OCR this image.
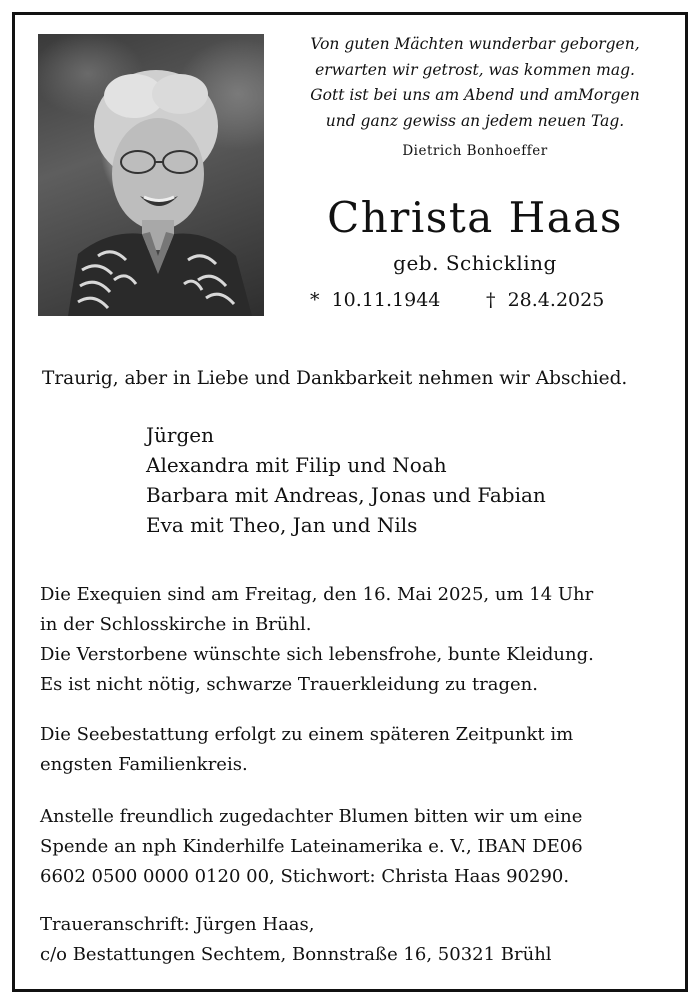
Von guten Mächten wunderbar geborgen,
erwarten wir getrost, was kommen mag.
Gott ist bei uns am Abend und amMorgen
und ganz gewiss an jedem neuen Tag.
Dietrich Bonhoeffer
Christa Haas
geb. Schickling
* 10.11.1944 † 28.4.2025
Traurig, aber in Liebe und Dankbarkeit nehmen wir Abschied.
Jürgen
Alexandra mit Filip und Noah
Barbara mit Andreas, Jonas und Fabian
Eva mit Theo, Jan und Nils
Die Exequien sind am Freitag, den 16. Mai 2025, um 14 Uhr
in der Schlosskirche in Brühl.
Die Verstorbene wünschte sich lebensfrohe, bunte Kleidung.
Es ist nicht nötig, schwarze Trauerkleidung zu tragen.
Die Seebestattung erfolgt zu einem späteren Zeitpunkt im
engsten Familienkreis.
Anstelle freundlich zugedachter Blumen bitten wir um eine
Spende an nph Kinderhilfe Lateinamerika e. V., IBAN DE06
6602 0500 0000 0120 00, Stichwort: Christa Haas 90290.
Traueranschrift: Jürgen Haas,
c/o Bestattungen Sechtem, Bonnstraße 16, 50321 Brühl
